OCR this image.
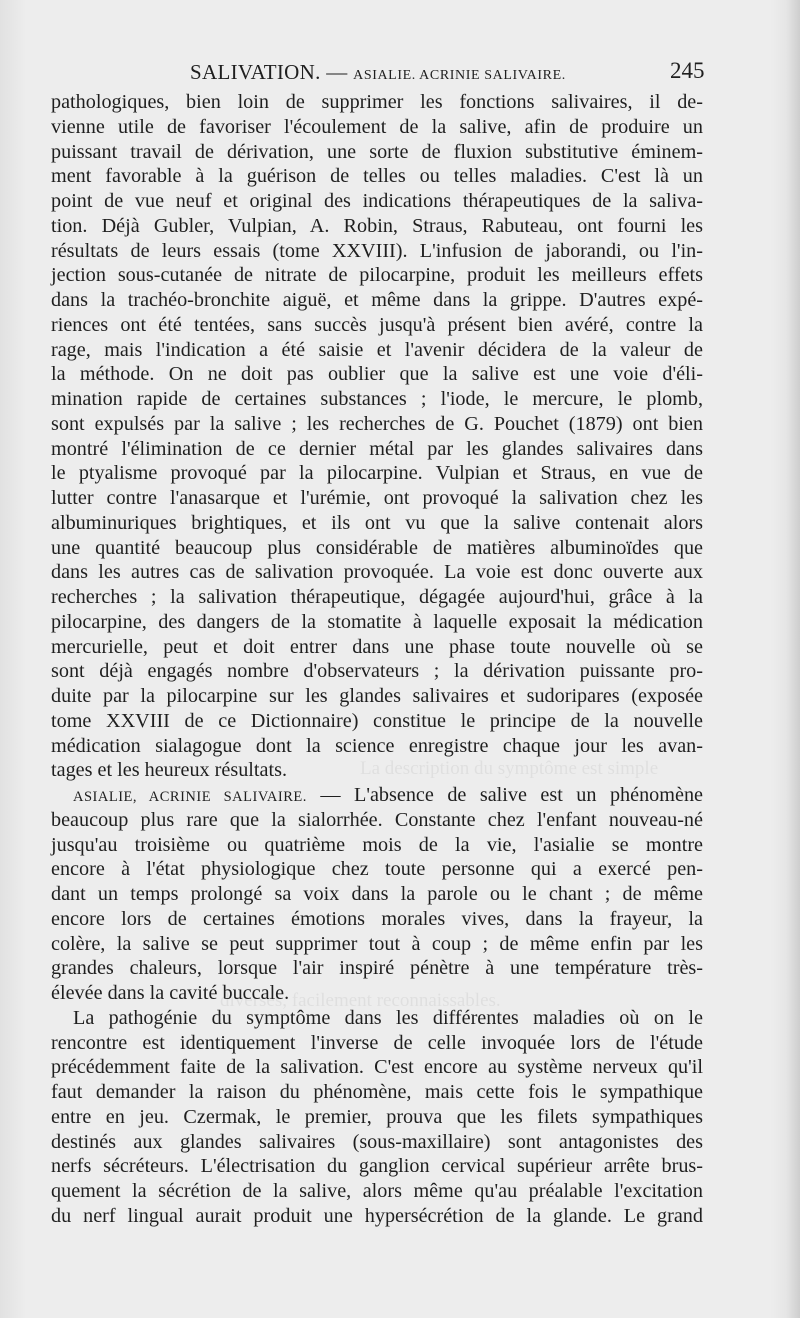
La description du symptôme est simple
diverses, facilement reconnaissables.
SALIVATION. — ASIALIE. ACRINIE SALIVAIRE.	245
pathologiques, bien loin de supprimer les fonctions salivaires, il de-
vienne utile de favoriser l'écoulement de la salive, afin de produire un
puissant travail de dérivation, une sorte de fluxion substitutive éminem-
ment favorable à la guérison de telles ou telles maladies. C'est là un
point de vue neuf et original des indications thérapeutiques de la saliva-
tion. Déjà Gubler, Vulpian, A. Robin, Straus, Rabuteau, ont fourni les
résultats de leurs essais (tome XXVIII). L'infusion de jaborandi, ou l'in-
jection sous-cutanée de nitrate de pilocarpine, produit les meilleurs effets
dans la trachéo-bronchite aiguë, et même dans la grippe. D'autres expé-
riences ont été tentées, sans succès jusqu'à présent bien avéré, contre la
rage, mais l'indication a été saisie et l'avenir décidera de la valeur de
la méthode. On ne doit pas oublier que la salive est une voie d'éli-
mination rapide de certaines substances ; l'iode, le mercure, le plomb,
sont expulsés par la salive ; les recherches de G. Pouchet (1879) ont bien
montré l'élimination de ce dernier métal par les glandes salivaires dans
le ptyalisme provoqué par la pilocarpine. Vulpian et Straus, en vue de
lutter contre l'anasarque et l'urémie, ont provoqué la salivation chez les
albuminuriques brightiques, et ils ont vu que la salive contenait alors
une quantité beaucoup plus considérable de matières albuminoïdes que
dans les autres cas de salivation provoquée. La voie est donc ouverte aux
recherches ; la salivation thérapeutique, dégagée aujourd'hui, grâce à la
pilocarpine, des dangers de la stomatite à laquelle exposait la médication
mercurielle, peut et doit entrer dans une phase toute nouvelle où se
sont déjà engagés nombre d'observateurs ; la dérivation puissante pro-
duite par la pilocarpine sur les glandes salivaires et sudoripares (exposée
tome XXVIII de ce Dictionnaire) constitue le principe de la nouvelle
médication sialagogue dont la science enregistre chaque jour les avan-
tages et les heureux résultats.
ASIALIE, ACRINIE SALIVAIRE. — L'absence de salive est un phénomène
beaucoup plus rare que la sialorrhée. Constante chez l'enfant nouveau-né
jusqu'au troisième ou quatrième mois de la vie, l'asialie se montre
encore à l'état physiologique chez toute personne qui a exercé pen-
dant un temps prolongé sa voix dans la parole ou le chant ; de même
encore lors de certaines émotions morales vives, dans la frayeur, la
colère, la salive se peut supprimer tout à coup ; de même enfin par les
grandes chaleurs, lorsque l'air inspiré pénètre à une température très-
élevée dans la cavité buccale.
La pathogénie du symptôme dans les différentes maladies où on le
rencontre est identiquement l'inverse de celle invoquée lors de l'étude
précédemment faite de la salivation. C'est encore au système nerveux qu'il
faut demander la raison du phénomène, mais cette fois le sympathique
entre en jeu. Czermak, le premier, prouva que les filets sympathiques
destinés aux glandes salivaires (sous-maxillaire) sont antagonistes des
nerfs sécréteurs. L'électrisation du ganglion cervical supérieur arrête brus-
quement la sécrétion de la salive, alors même qu'au préalable l'excitation
du nerf lingual aurait produit une hypersécrétion de la glande. Le grand
